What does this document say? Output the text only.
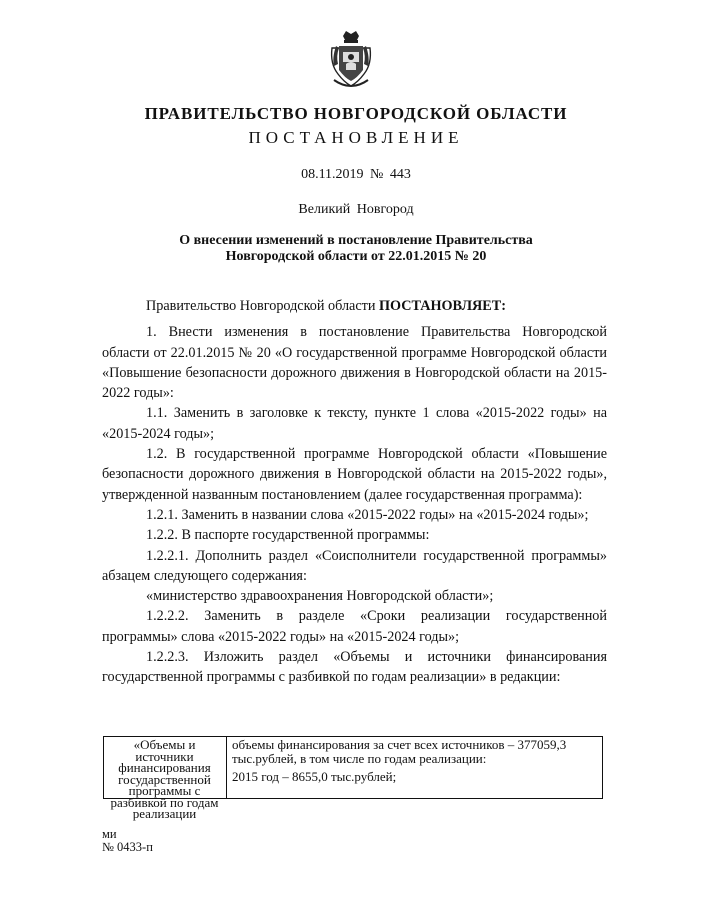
ПРАВИТЕЛЬСТВО НОВГОРОДСКОЙ ОБЛАСТИ
ПОСТАНОВЛЕНИЕ
08.11.2019 № 443
Великий Новгород
О внесении изменений в постановление Правительства
Новгородской области от 22.01.2015 № 20

Правительство Новгородской области ПОСТАНОВЛЯЕТ:

1. Внести изменения в постановление Правительства Новгородской области от 22.01.2015 № 20 «О государственной программе Новгородской области «Повышение безопасности дорожного движения в Новгородской области на 2015-2022 годы»:

1.1. Заменить в заголовке к тексту, пункте 1 слова «2015-2022 годы» на «2015-2024 годы»;

1.2. В государственной программе Новгородской области «Повышение безопасности дорожного движения в Новгородской области на 2015-2022 годы», утвержденной названным постановлением (далее государственная программа):

1.2.1. Заменить в названии слова «2015-2022 годы» на «2015-2024 годы»;

1.2.2. В паспорте государственной программы:

1.2.2.1. Дополнить раздел «Соисполнители государственной программы» абзацем следующего содержания:

«министерство здравоохранения Новгородской области»;

1.2.2.2. Заменить в разделе «Сроки реализации государственной программы» слова «2015-2022 годы» на «2015-2024 годы»;

1.2.2.3. Изложить раздел «Объемы и источники финансирования государственной программы с разбивкой по годам реализации» в редакции:

«Объемы и источники финансирования государственной программы с разбивкой по годам реализации

объемы финансирования за счет всех источников – 377059,3 тыс.рублей, в том числе по годам реализации:

2015 год – 8655,0 тыс.рублей;

ми
№ 0433-п
